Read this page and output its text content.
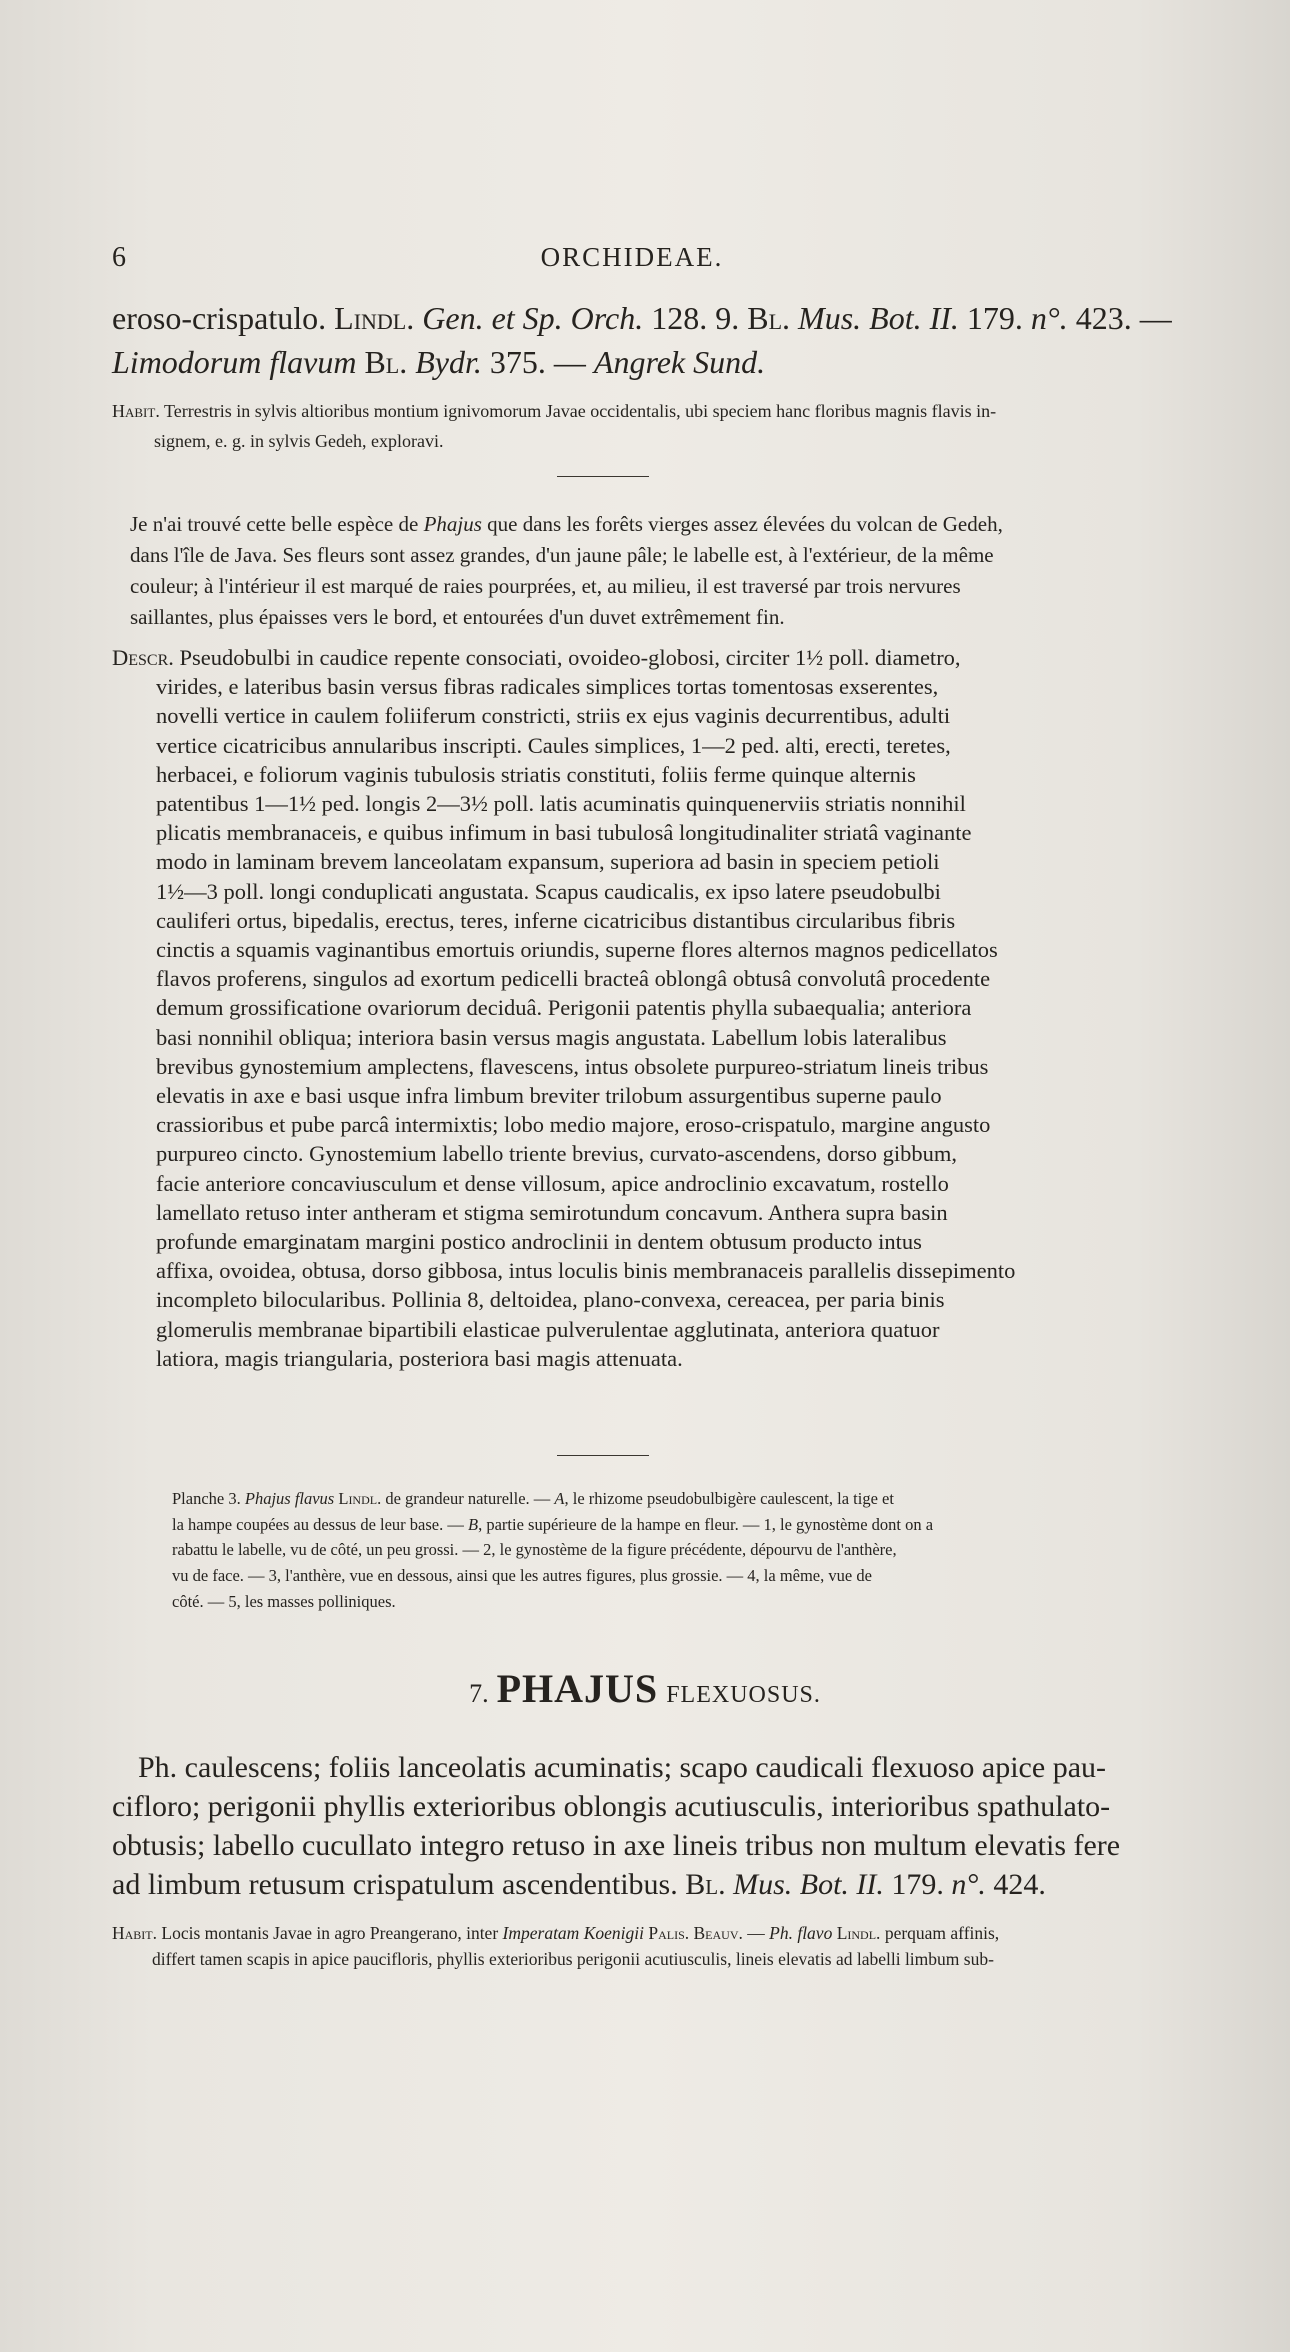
6	ORCHIDEAE.
eroso-crispatulo. Lindl. Gen. et Sp. Orch. 128. 9. Bl. Mus. Bot. II. 179. n°. 423. —
Limodorum flavum Bl. Bydr. 375. — Angrek Sund.
Habit. Terrestris in sylvis altioribus montium ignivomorum Javae occidentalis, ubi speciem hanc floribus magnis flavis in-
signem, e. g. in sylvis Gedeh, exploravi.
Je n'ai trouvé cette belle espèce de Phajus que dans les forêts vierges assez élevées du volcan de Gedeh,
dans l'île de Java. Ses fleurs sont assez grandes, d'un jaune pâle; le labelle est, à l'extérieur, de la même
couleur; à l'intérieur il est marqué de raies pourprées, et, au milieu, il est traversé par trois nervures
saillantes, plus épaisses vers le bord, et entourées d'un duvet extrêmement fin.
Descr. Pseudobulbi in caudice repente consociati, ovoideo-globosi, circiter 1½ poll. diametro,
virides, e lateribus basin versus fibras radicales simplices tortas tomentosas exserentes,
novelli vertice in caulem foliiferum constricti, striis ex ejus vaginis decurrentibus, adulti
vertice cicatricibus annularibus inscripti. Caules simplices, 1—2 ped. alti, erecti, teretes,
herbacei, e foliorum vaginis tubulosis striatis constituti, foliis ferme quinque alternis
patentibus 1—1½ ped. longis 2—3½ poll. latis acuminatis quinquenerviis striatis nonnihil
plicatis membranaceis, e quibus infimum in basi tubulosâ longitudinaliter striatâ vaginante
modo in laminam brevem lanceolatam expansum, superiora ad basin in speciem petioli
1½—3 poll. longi conduplicati angustata. Scapus caudicalis, ex ipso latere pseudobulbi
cauliferi ortus, bipedalis, erectus, teres, inferne cicatricibus distantibus circularibus fibris
cinctis a squamis vaginantibus emortuis oriundis, superne flores alternos magnos pedicellatos
flavos proferens, singulos ad exortum pedicelli bracteâ oblongâ obtusâ convolutâ procedente
demum grossificatione ovariorum deciduâ. Perigonii patentis phylla subaequalia; anteriora
basi nonnihil obliqua; interiora basin versus magis angustata. Labellum lobis lateralibus
brevibus gynostemium amplectens, flavescens, intus obsolete purpureo-striatum lineis tribus
elevatis in axe e basi usque infra limbum breviter trilobum assurgentibus superne paulo
crassioribus et pube parcâ intermixtis; lobo medio majore, eroso-crispatulo, margine angusto
purpureo cincto. Gynostemium labello triente brevius, curvato-ascendens, dorso gibbum,
facie anteriore concaviusculum et dense villosum, apice androclinio excavatum, rostello
lamellato retuso inter antheram et stigma semirotundum concavum. Anthera supra basin
profunde emarginatam margini postico androclinii in dentem obtusum producto intus
affixa, ovoidea, obtusa, dorso gibbosa, intus loculis binis membranaceis parallelis dissepimento
incompleto bilocularibus. Pollinia 8, deltoidea, plano-convexa, cereacea, per paria binis
glomerulis membranae bipartibili elasticae pulverulentae agglutinata, anteriora quatuor
latiora, magis triangularia, posteriora basi magis attenuata.
Planche 3. Phajus flavus Lindl. de grandeur naturelle. — A, le rhizome pseudobulbigère caulescent, la tige et
la hampe coupées au dessus de leur base. — B, partie supérieure de la hampe en fleur. — 1, le gynostème dont on a
rabattu le labelle, vu de côté, un peu grossi. — 2, le gynostème de la figure précédente, dépourvu de l'anthère,
vu de face. — 3, l'anthère, vue en dessous, ainsi que les autres figures, plus grossie. — 4, la même, vue de
côté. — 5, les masses polliniques.
7. PHAJUS FLEXUOSUS.
Ph. caulescens; foliis lanceolatis acuminatis; scapo caudicali flexuoso apice pau-
cifloro; perigonii phyllis exterioribus oblongis acutiusculis, interioribus spathulato-
obtusis; labello cucullato integro retuso in axe lineis tribus non multum elevatis fere
ad limbum retusum crispatulum ascendentibus. Bl. Mus. Bot. II. 179. n°. 424.
Habit. Locis montanis Javae in agro Preangerano, inter Imperatam Koenigii Palis. Beauv. — Ph. flavo Lindl. perquam affinis,
differt tamen scapis in apice paucifloris, phyllis exterioribus perigonii acutiusculis, lineis elevatis ad labelli limbum sub-
